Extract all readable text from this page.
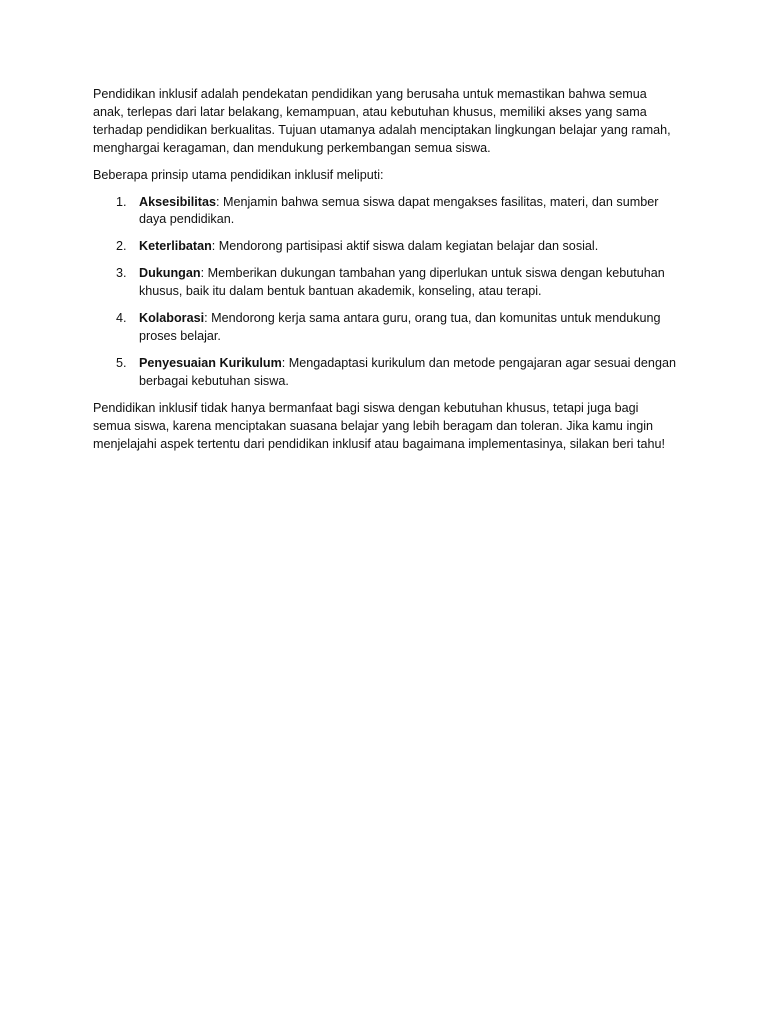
Pendidikan inklusif adalah pendekatan pendidikan yang berusaha untuk memastikan bahwa semua anak, terlepas dari latar belakang, kemampuan, atau kebutuhan khusus, memiliki akses yang sama terhadap pendidikan berkualitas. Tujuan utamanya adalah menciptakan lingkungan belajar yang ramah, menghargai keragaman, dan mendukung perkembangan semua siswa.

Beberapa prinsip utama pendidikan inklusif meliputi:

1. Aksesibilitas: Menjamin bahwa semua siswa dapat mengakses fasilitas, materi, dan sumber daya pendidikan.
2. Keterlibatan: Mendorong partisipasi aktif siswa dalam kegiatan belajar dan sosial.
3. Dukungan: Memberikan dukungan tambahan yang diperlukan untuk siswa dengan kebutuhan khusus, baik itu dalam bentuk bantuan akademik, konseling, atau terapi.
4. Kolaborasi: Mendorong kerja sama antara guru, orang tua, dan komunitas untuk mendukung proses belajar.
5. Penyesuaian Kurikulum: Mengadaptasi kurikulum dan metode pengajaran agar sesuai dengan berbagai kebutuhan siswa.

Pendidikan inklusif tidak hanya bermanfaat bagi siswa dengan kebutuhan khusus, tetapi juga bagi semua siswa, karena menciptakan suasana belajar yang lebih beragam dan toleran. Jika kamu ingin menjelajahi aspek tertentu dari pendidikan inklusif atau bagaimana implementasinya, silakan beri tahu!
